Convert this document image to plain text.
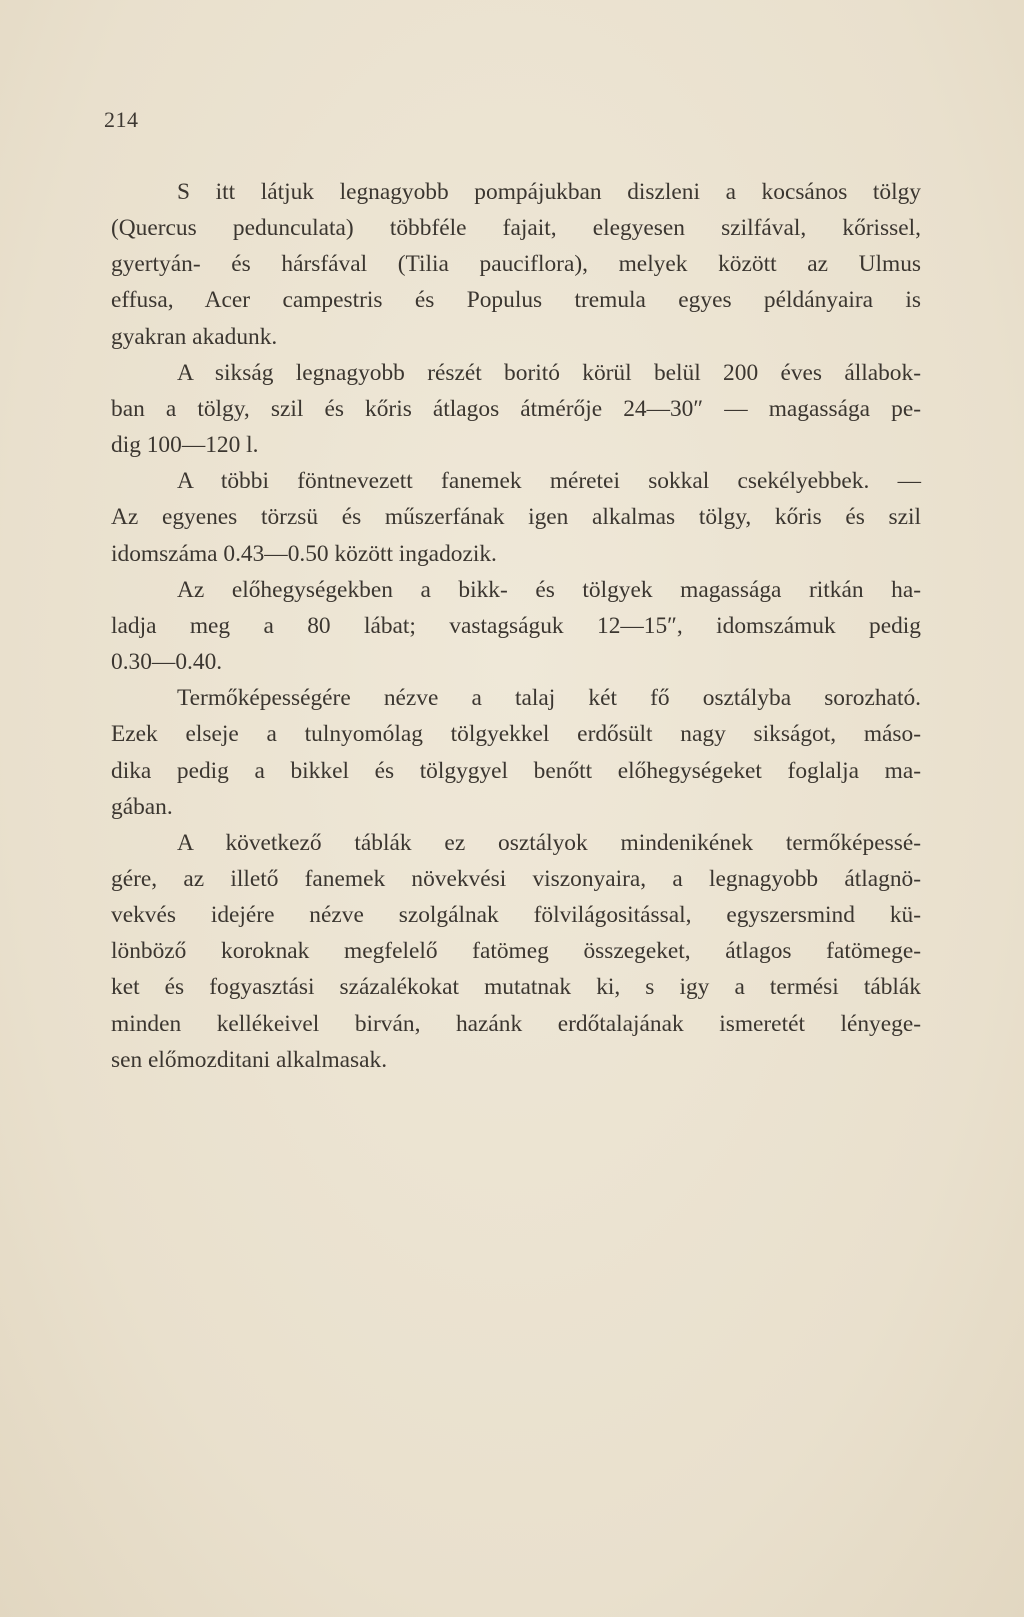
214

S itt látjuk legnagyobb pompájukban diszleni a kocsános tölgy
(Quercus pedunculata) többféle fajait, elegyesen szilfával, kőrissel,
gyertyán- és hársfával (Tilia pauciflora), melyek között az Ulmus
effusa, Acer campestris és Populus tremula egyes példányaira is
gyakran akadunk.

A sikság legnagyobb részét boritó körül belül 200 éves állabok-
ban a tölgy, szil és kőris átlagos átmérője 24—30″ — magassága pe-
dig 100—120 l.

A többi föntnevezett fanemek méretei sokkal csekélyebbek. —
Az egyenes törzsü és műszerfának igen alkalmas tölgy, kőris és szil
idomszáma 0.43—0.50 között ingadozik.

Az előhegységekben a bikk- és tölgyek magassága ritkán ha-
ladja meg a 80 lábat; vastagságuk 12—15″, idomszámuk pedig
0.30—0.40.

Termőképességére nézve a talaj két fő osztályba sorozható.
Ezek elseje a tulnyomólag tölgyekkel erdősült nagy sikságot, máso-
dika pedig a bikkel és tölgygyel benőtt előhegységeket foglalja ma-
gában.

A következő táblák ez osztályok mindenikének termőképessé-
gére, az illető fanemek növekvési viszonyaira, a legnagyobb átlagnö-
vekvés idejére nézve szolgálnak fölvilágositással, egyszersmind kü-
lönböző koroknak megfelelő fatömeg összegeket, átlagos fatömege-
ket és fogyasztási százalékokat mutatnak ki, s igy a termési táblák
minden kellékeivel birván, hazánk erdőtalajának ismeretét lényege-
sen előmozditani alkalmasak.
